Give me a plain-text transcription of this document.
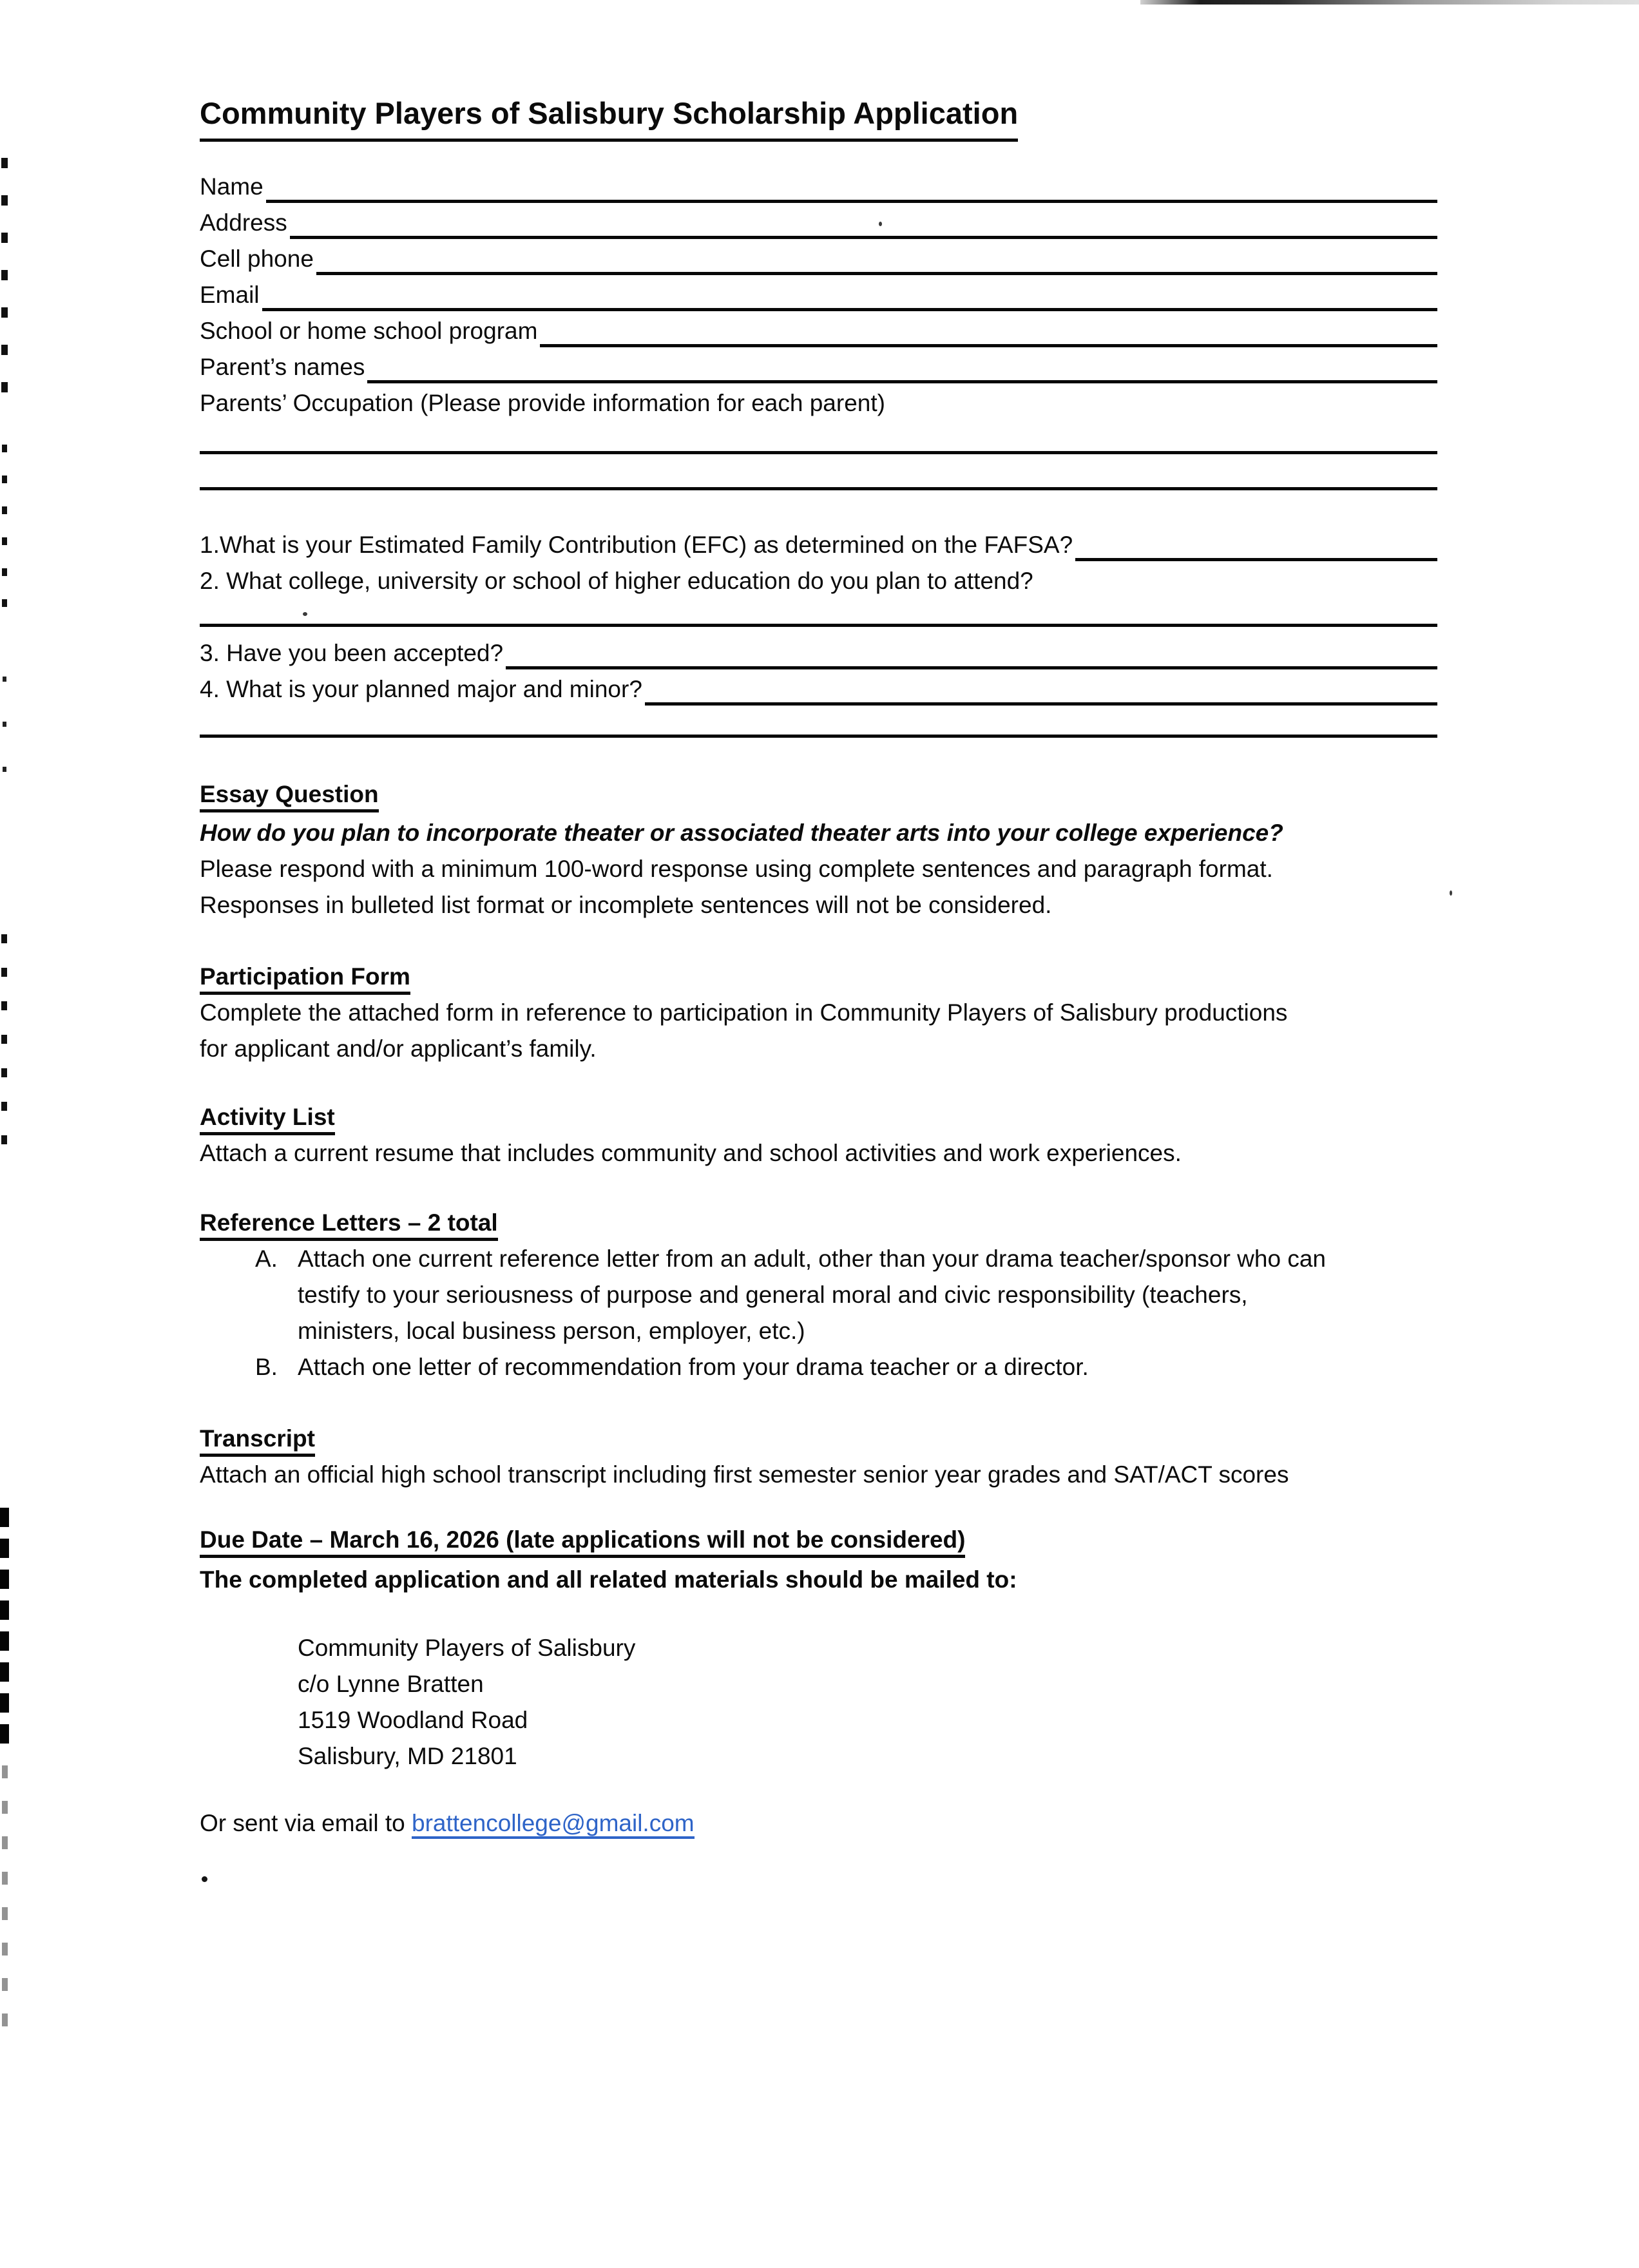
Community Players of Salisbury Scholarship Application
Name
Address
Cell phone
Email
School or home school program
Parent’s names
Parents’ Occupation (Please provide information for each parent)
1.What is your Estimated Family Contribution (EFC) as determined on the FAFSA?
2. What college, university or school of higher education do you plan to attend?
3. Have you been accepted?
4. What is your planned major and minor?
Essay Question
How do you plan to incorporate theater or associated theater arts into your college experience?
Please respond with a minimum 100-word response using complete sentences and paragraph format.
Responses in bulleted list format or incomplete sentences will not be considered.
Participation Form
Complete the attached form in reference to participation in Community Players of Salisbury productions
for applicant and/or applicant’s family.
Activity List
Attach a current resume that includes community and school activities and work experiences.
Reference Letters – 2 total
A. Attach one current reference letter from an adult, other than your drama teacher/sponsor who can
testify to your seriousness of purpose and general moral and civic responsibility (teachers,
ministers, local business person, employer, etc.)
B. Attach one letter of recommendation from your drama teacher or a director.
Transcript
Attach an official high school transcript including first semester senior year grades and SAT/ACT scores
Due Date – March 16, 2026 (late applications will not be considered)
The completed application and all related materials should be mailed to:
Community Players of Salisbury
c/o Lynne Bratten
1519 Woodland Road
Salisbury, MD 21801
Or sent via email to brattencollege@gmail.com
